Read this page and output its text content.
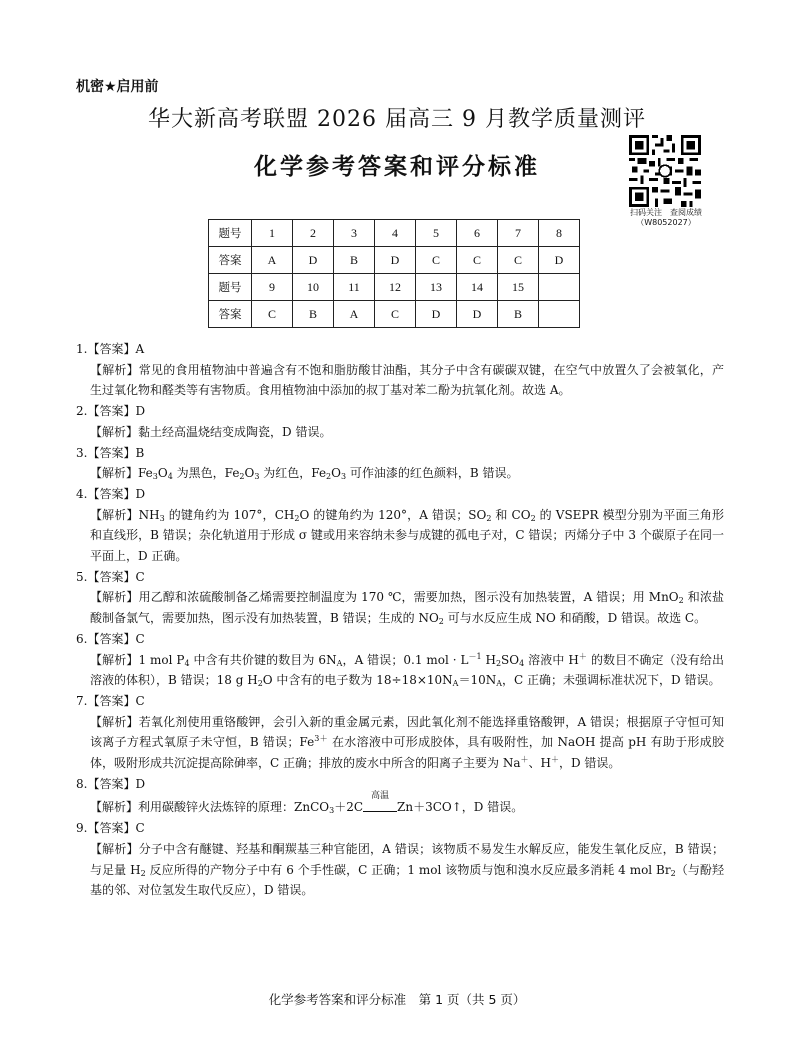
机密★启用前
华大新高考联盟 2026 届高三 9 月教学质量测评
化学参考答案和评分标准
扫码关注　查阅成绩
（W8052027）
题号	1	2	3	4	5	6	7	8
答案	A	D	B	D	C	C	C	D
题号	9	10	11	12	13	14	15	
答案	C	B	A	C	D	D	B	

1.【答案】A

【解析】常见的食用植物油中普遍含有不饱和脂肪酸甘油酯，其分子中含有碳碳双键，在空气中放置久了会被氧化，产生过氧化物和醛类等有害物质。食用植物油中添加的叔丁基对苯二酚为抗氧化剂。故选 A。

2.【答案】D

【解析】黏土经高温烧结变成陶瓷，D 错误。

3.【答案】B

【解析】$Fe_3O_4$ 为黑色，$Fe_2O_3$ 为红色，$Fe_2O_3$ 可作油漆的红色颜料，B 错误。

4.【答案】D

【解析】$NH_3$ 的键角约为 107°，$CH_2O$ 的键角约为 120°，A 错误；$SO_2$ 和 $CO_2$ 的 VSEPR 模型分别为平面三角形和直线形，B 错误；杂化轨道用于形成 σ 键或用来容纳未参与成键的孤电子对，C 错误；丙烯分子中 3 个碳原子在同一平面上，D 正确。

5.【答案】C

【解析】用乙醇和浓硫酸制备乙烯需要控制温度为 170 ℃，需要加热，图示没有加热装置，A 错误；用 MnO$_2$ 和浓盐酸制备氯气，需要加热，图示没有加热装置，B 错误；生成的 $NO_2$ 可与水反应生成 NO 和硝酸，D 错误。故选 C。

6.【答案】C

【解析】1 mol $P_4$ 中含有共价键的数目为 $6N_A$，A 错误；0.1 mol · $L^{-1}$ $H_2SO_4$ 溶液中 H＋ 的数目不确定（没有给出溶液的体积），B 错误；18 g $H_2O$ 中含有的电子数为 $18\div 18\times 10N_A=10N_A$，C 正确；未强调标准状况下，D 错误。

7.【答案】C

【解析】若氧化剂使用重铬酸钾，会引入新的重金属元素，因此氧化剂不能选择重铬酸钾，A 错误；根据原子守恒可知该离子方程式氧原子未守恒，B 错误；$Fe^{3+}$ 在水溶液中可形成胶体，具有吸附性，加 NaOH 提高 pH 有助于形成胶体，吸附形成共沉淀提高除砷率，C 正确；排放的废水中所含的阳离子主要为 Na＋、H＋，D 错误。

8.【答案】D

【解析】利用碳酸锌火法炼锌的原理：ZnCO$_3$＋2C
高温
Zn＋3CO↑，D 错误。

9.【答案】C

【解析】分子中含有醚键、羟基和酮羰基三种官能团，A 错误；该物质不易发生水解反应，能发生氧化反应，B 错误；与足量 $H_2$ 反应所得的产物分子中有 6 个手性碳，C 正确；1 mol 该物质与饱和溴水反应最多消耗 4 mol $Br_2$（与酚羟基的邻、对位氢发生取代反应），D 错误。

化学参考答案和评分标准　第 1 页（共 5 页）
